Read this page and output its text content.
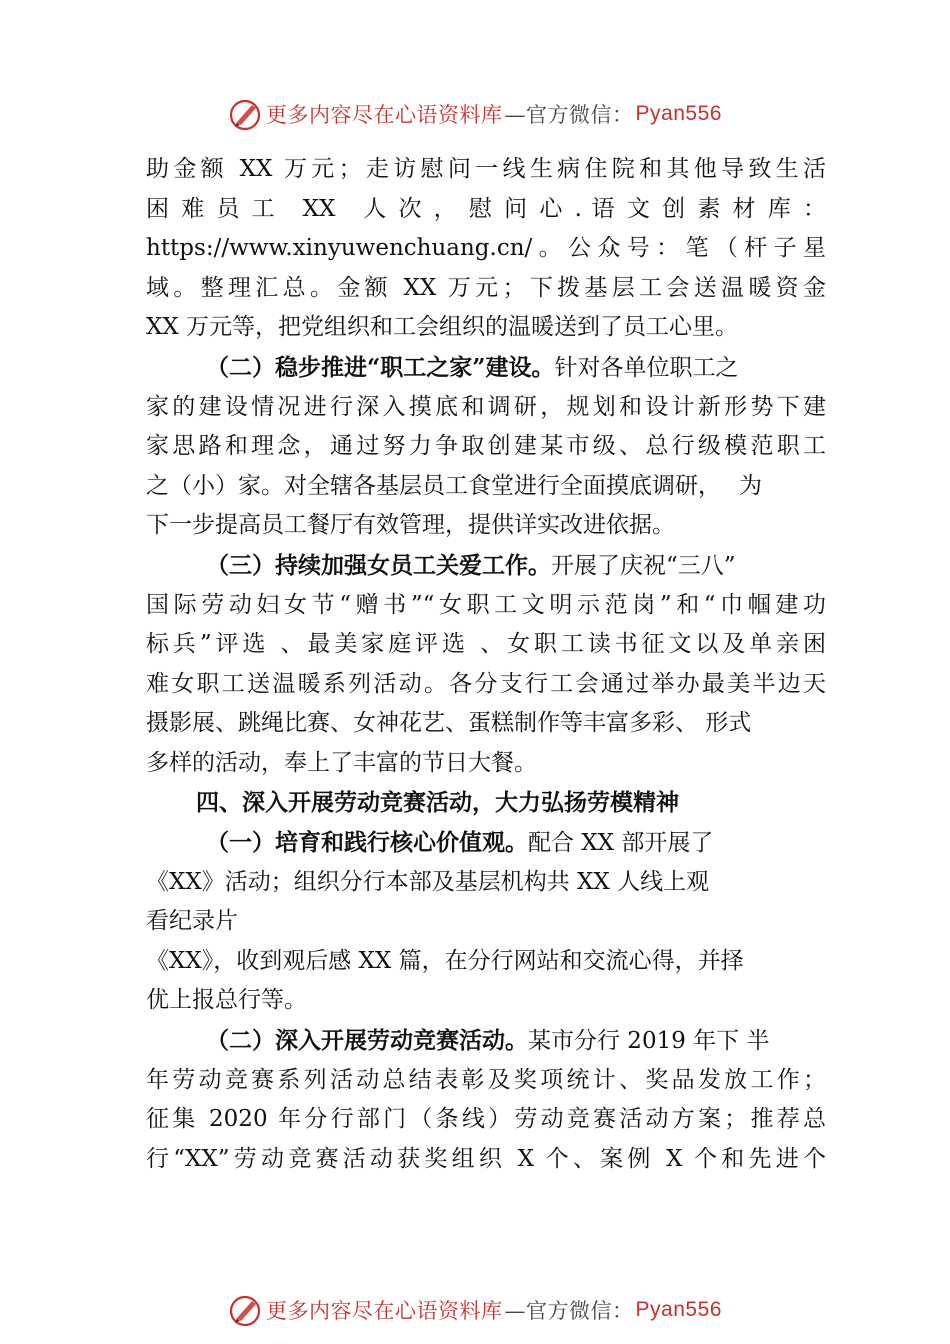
更多内容尽在心语资料库 —官方微信： Pyan556
助金额 XX 万元；走访慰问一线生病住院和其他导致生活
困 难 员 工　XX　人 次 ， 慰 问 心 . 语 文 创 素 材 库 ：
https://www.xinyuwenchuang.cn/。公众号：笔（杆子星
域。整理汇总。金额 XX 万元；下拨基层工会送温暖资金
XX 万元等，把党组织和工会组织的温暖送到了员工心里。
（二）稳步推进“职工之家”建设。针对各单位职工之
家的建设情况进行深入摸底和调研，规划和设计新形势下建
家思路和理念，通过努力争取创建某市级、总行级模范职工
之（小）家。对全辖各基层员工食堂进行全面摸底调研， 为
下一步提高员工餐厅有效管理，提供详实改进依据。
（三）持续加强女员工关爱工作。开展了庆祝“三八”
国际劳动妇女节“赠书”“女职工文明示范岗”和“巾帼建功
标兵”评选 、最美家庭评选 、女职工读书征文以及单亲困
难女职工送温暖系列活动。各分支行工会通过举办最美半边天
摄影展、跳绳比赛、女神花艺、蛋糕制作等丰富多彩、 形式
多样的活动，奉上了丰富的节日大餐。
四、深入开展劳动竞赛活动，大力弘扬劳模精神
（一）培育和践行核心价值观。配合 XX 部开展了
《XX》活动；组织分行本部及基层机构共 XX 人线上观
看纪录片
《XX》，收到观后感 XX 篇，在分行网站和交流心得，并择
优上报总行等。
（二）深入开展劳动竞赛活动。某市分行 2019 年下 半
年劳动竞赛系列活动总结表彰及奖项统计、奖品发放工作；
征集 2020 年分行部门（条线）劳动竞赛活动方案；推荐总
行“XX”劳动竞赛活动获奖组织 X 个、案例 X 个和先进个
更多内容尽在心语资料库 —官方微信： Pyan556
